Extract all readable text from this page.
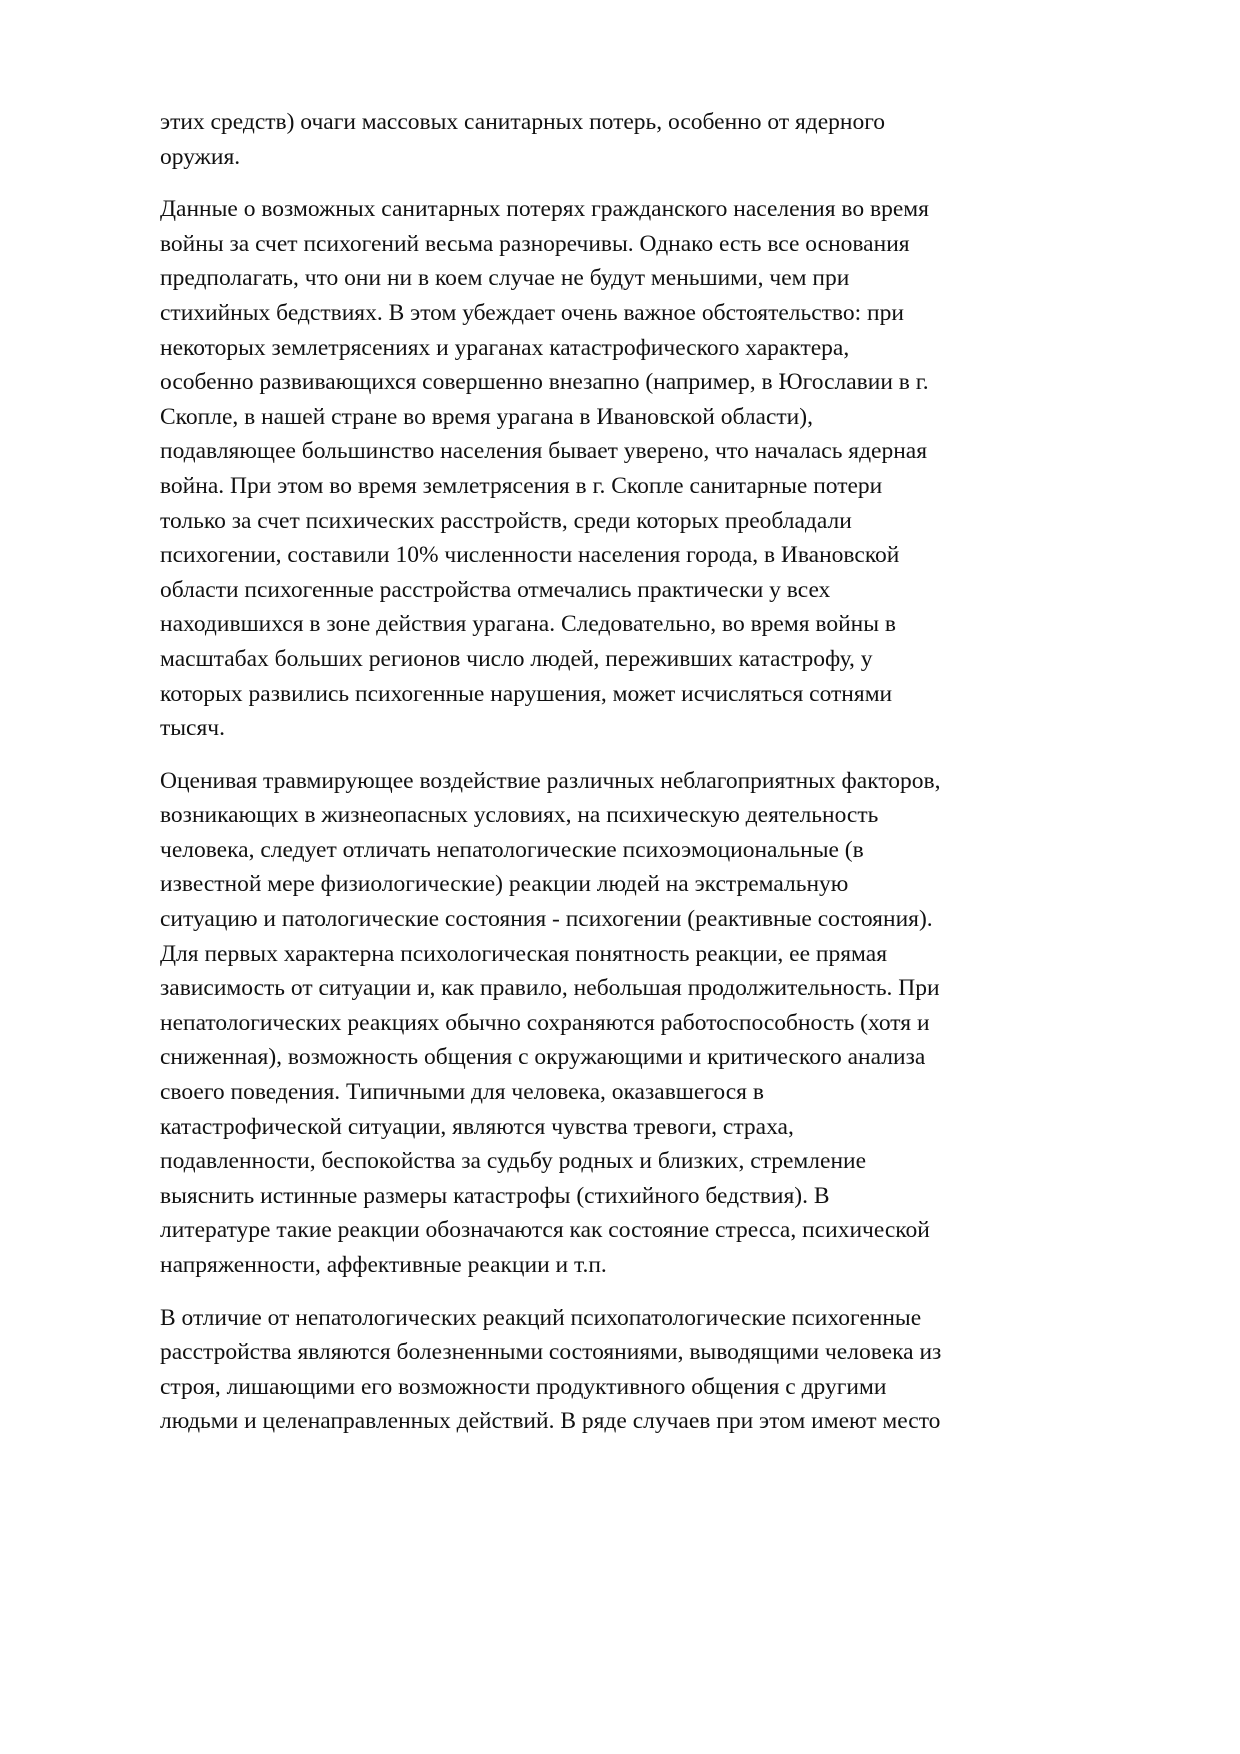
этих средств) очаги массовых санитарных потерь, особенно от ядерного
оружия.

Данные о возможных санитарных потерях гражданского населения во время
войны за счет психогений весьма разноречивы. Однако есть все основания
предполагать, что они ни в коем случае не будут меньшими, чем при
стихийных бедствиях. В этом убеждает очень важное обстоятельство: при
некоторых землетрясениях и ураганах катастрофического характера,
особенно развивающихся совершенно внезапно (например, в Югославии в г.
Скопле, в нашей стране во время урагана в Ивановской области),
подавляющее большинство населения бывает уверено, что началась ядерная
война. При этом во время землетрясения в г. Скопле санитарные потери
только за счет психических расстройств, среди которых преобладали
психогении, составили 10% численности населения города, в Ивановской
области психогенные расстройства отмечались практически у всех
находившихся в зоне действия урагана. Следовательно, во время войны в
масштабах больших регионов число людей, переживших катастрофу, у
которых развились психогенные нарушения, может исчисляться сотнями
тысяч.

Оценивая травмирующее воздействие различных неблагоприятных факторов,
возникающих в жизнеопасных условиях, на психическую деятельность
человека, следует отличать непатологические психоэмоциональные (в
известной мере физиологические) реакции людей на экстремальную
ситуацию и патологические состояния - психогении (реактивные состояния).
Для первых характерна психологическая понятность реакции, ее прямая
зависимость от ситуации и, как правило, небольшая продолжительность. При
непатологических реакциях обычно сохраняются работоспособность (хотя и
сниженная), возможность общения с окружающими и критического анализа
своего поведения. Типичными для человека, оказавшегося в
катастрофической ситуации, являются чувства тревоги, страха,
подавленности, беспокойства за судьбу родных и близких, стремление
выяснить истинные размеры катастрофы (стихийного бедствия). В
литературе такие реакции обозначаются как состояние стресса, психической
напряженности, аффективные реакции и т.п.

В отличие от непатологических реакций психопатологические психогенные
расстройства являются болезненными состояниями, выводящими человека из
строя, лишающими его возможности продуктивного общения с другими
людьми и целенаправленных действий. В ряде случаев при этом имеют место
